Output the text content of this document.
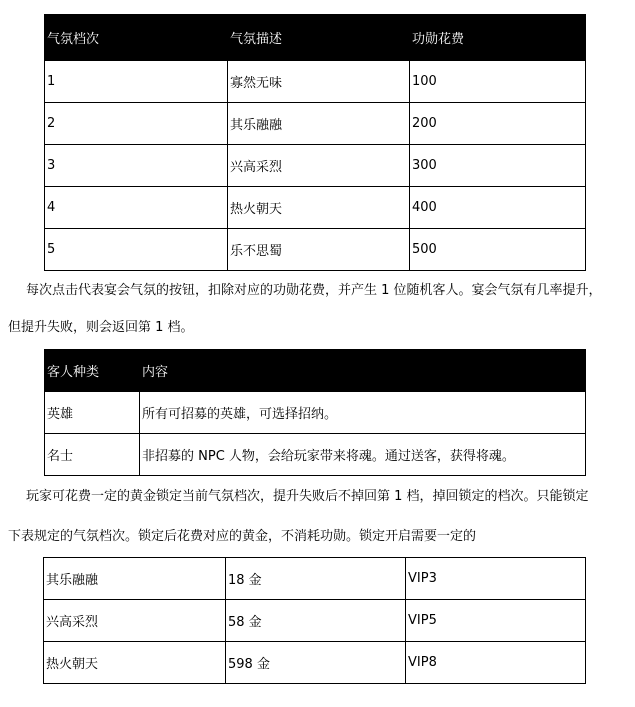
气氛档次	气氛描述	功勋花费
1	寡然无味	100
2	其乐融融	200
3	兴高采烈	300
4	热火朝天	400
5	乐不思蜀	500

每次点击代表宴会气氛的按钮，扣除对应的功勋花费，并产生 1 位随机客人。宴会气氛有几率提升，

但提升失败，则会返回第 1 档。

客人种类	内容
英雄	所有可招募的英雄，可选择招纳。
名士	非招募的 NPC 人物，会给玩家带来将魂。通过送客，获得将魂。

玩家可花费一定的黄金锁定当前气氛档次，提升失败后不掉回第 1 档，掉回锁定的档次。只能锁定

下表规定的气氛档次。锁定后花费对应的黄金，不消耗功勋。锁定开启需要一定的

其乐融融	18 金	VIP3
兴高采烈	58 金	VIP5
热火朝天	598 金	VIP8
